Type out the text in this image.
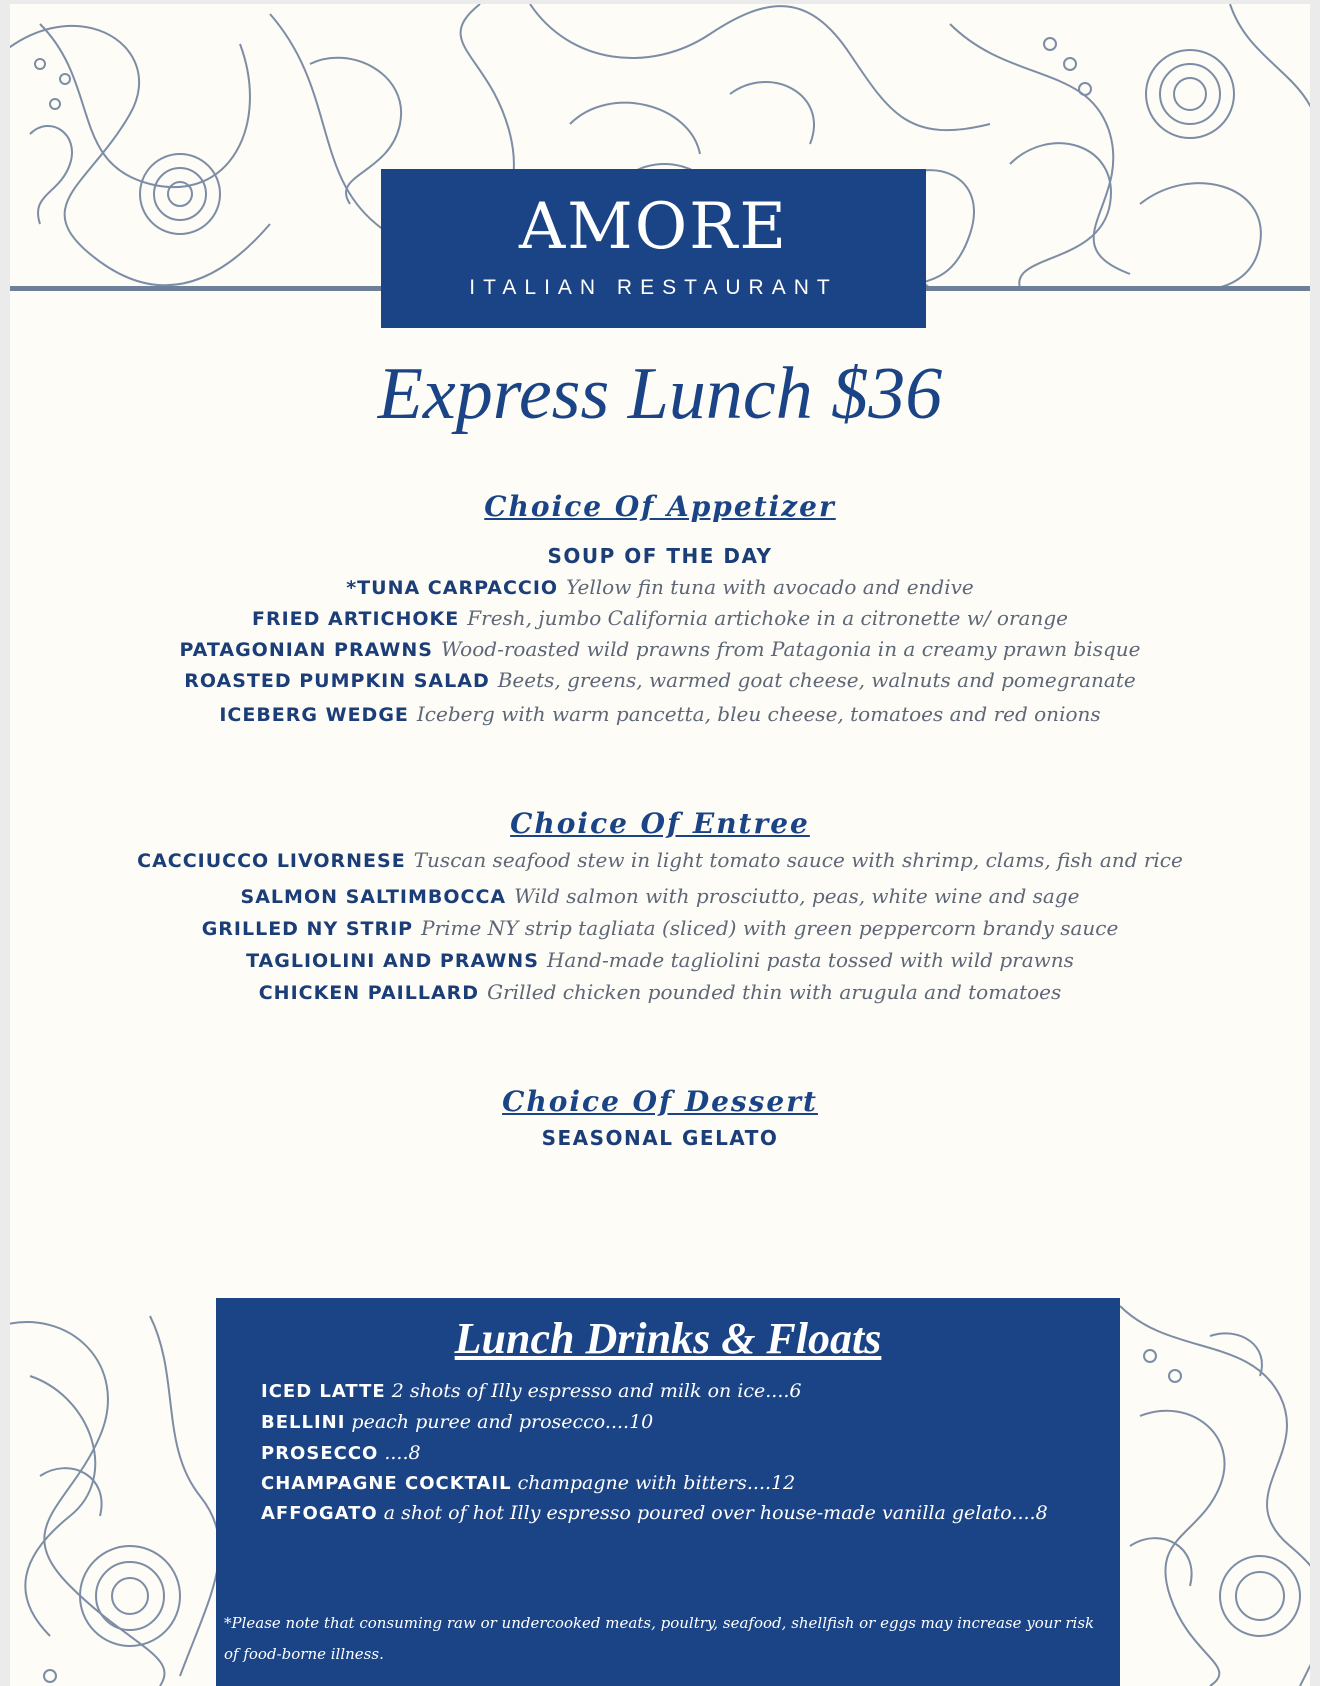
AMORE
ITALIAN RESTAURANT
Express Lunch $36
Choice Of Appetizer
SOUP OF THE DAY
*TUNA CARPACCIO Yellow fin tuna with avocado and endive
FRIED ARTICHOKE Fresh, jumbo California artichoke in a citronette w/ orange
PATAGONIAN PRAWNS Wood-roasted wild prawns from Patagonia in a creamy prawn bisque
ROASTED PUMPKIN SALAD Beets, greens, warmed goat cheese, walnuts and pomegranate
ICEBERG WEDGE Iceberg with warm pancetta, bleu cheese, tomatoes and red onions
Choice Of Entree
CACCIUCCO LIVORNESE Tuscan seafood stew in light tomato sauce with shrimp, clams, fish and rice
SALMON SALTIMBOCCA Wild salmon with prosciutto, peas, white wine and sage
GRILLED NY STRIP Prime NY strip tagliata (sliced) with green peppercorn brandy sauce
TAGLIOLINI AND PRAWNS Hand-made tagliolini pasta tossed with wild prawns
CHICKEN PAILLARD Grilled chicken pounded thin with arugula and tomatoes
Choice Of Dessert
SEASONAL GELATO
Lunch Drinks & Floats
ICED LATTE 2 shots of Illy espresso and milk on ice....6
BELLINI peach puree and prosecco....10
PROSECCO ....8
CHAMPAGNE COCKTAIL champagne with bitters....12
AFFOGATO a shot of hot Illy espresso poured over house-made vanilla gelato....8
*Please note that consuming raw or undercooked meats, poultry, seafood, shellfish or eggs may increase your risk of food-borne illness.
